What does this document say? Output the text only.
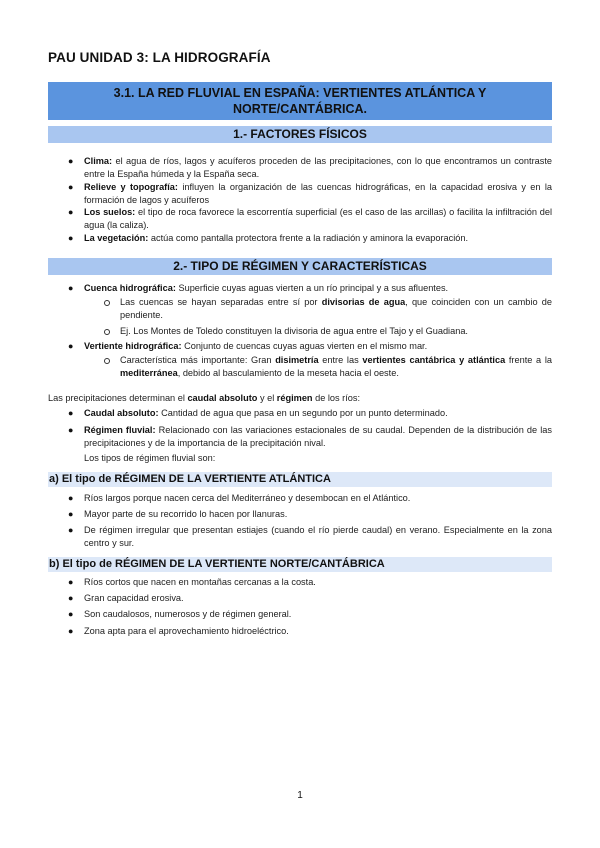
PAU UNIDAD 3: LA HIDROGRAFÍA
3.1. LA RED FLUVIAL EN ESPAÑA: VERTIENTES ATLÁNTICA Y
NORTE/CANTÁBRICA.
1.- FACTORES FÍSICOS
● Clima: el agua de ríos, lagos y acuíferos proceden de las precipitaciones, con lo que encontramos un contraste entre la España húmeda y la España seca.
● Relieve y topografía: influyen la organización de las cuencas hidrográficas, en la capacidad erosiva y en la formación de lagos y acuíferos
● Los suelos: el tipo de roca favorece la escorrentía superficial (es el caso de las arcillas) o facilita la infiltración del agua (la caliza).
● La vegetación: actúa como pantalla protectora frente a la radiación y aminora la evaporación.
2.- TIPO DE RÉGIMEN Y CARACTERÍSTICAS
● Cuenca hidrográfica: Superficie cuyas aguas vierten a un río principal y a sus afluentes.
Las cuencas se hayan separadas entre sí por divisorias de agua, que coinciden con un cambio de pendiente.
Ej. Los Montes de Toledo constituyen la divisoria de agua entre el Tajo y el Guadiana.
● Vertiente hidrográfica: Conjunto de cuencas cuyas aguas vierten en el mismo mar.
Característica más importante: Gran disimetría entre las vertientes cantábrica y atlántica frente a la mediterránea, debido al basculamiento de la meseta hacia el oeste.
Las precipitaciones determinan el caudal absoluto y el régimen de los ríos:
● Caudal absoluto: Cantidad de agua que pasa en un segundo por un punto determinado.
● Régimen fluvial: Relacionado con las variaciones estacionales de su caudal. Dependen de la distribución de las precipitaciones y de la importancia de la precipitación nival.
Los tipos de régimen fluvial son:
a) El tipo de RÉGIMEN DE LA VERTIENTE ATLÁNTICA
● Ríos largos porque nacen cerca del Mediterráneo y desembocan en el Atlántico.
● Mayor parte de su recorrido lo hacen por llanuras.
● De régimen irregular que presentan estiajes (cuando el río pierde caudal) en verano. Especialmente en la zona centro y sur.
b) El tipo de RÉGIMEN DE LA VERTIENTE NORTE/CANTÁBRICA
● Ríos cortos que nacen en montañas cercanas a la costa.
● Gran capacidad erosiva.
● Son caudalosos, numerosos y de régimen general.
● Zona apta para el aprovechamiento hidroeléctrico.
1
